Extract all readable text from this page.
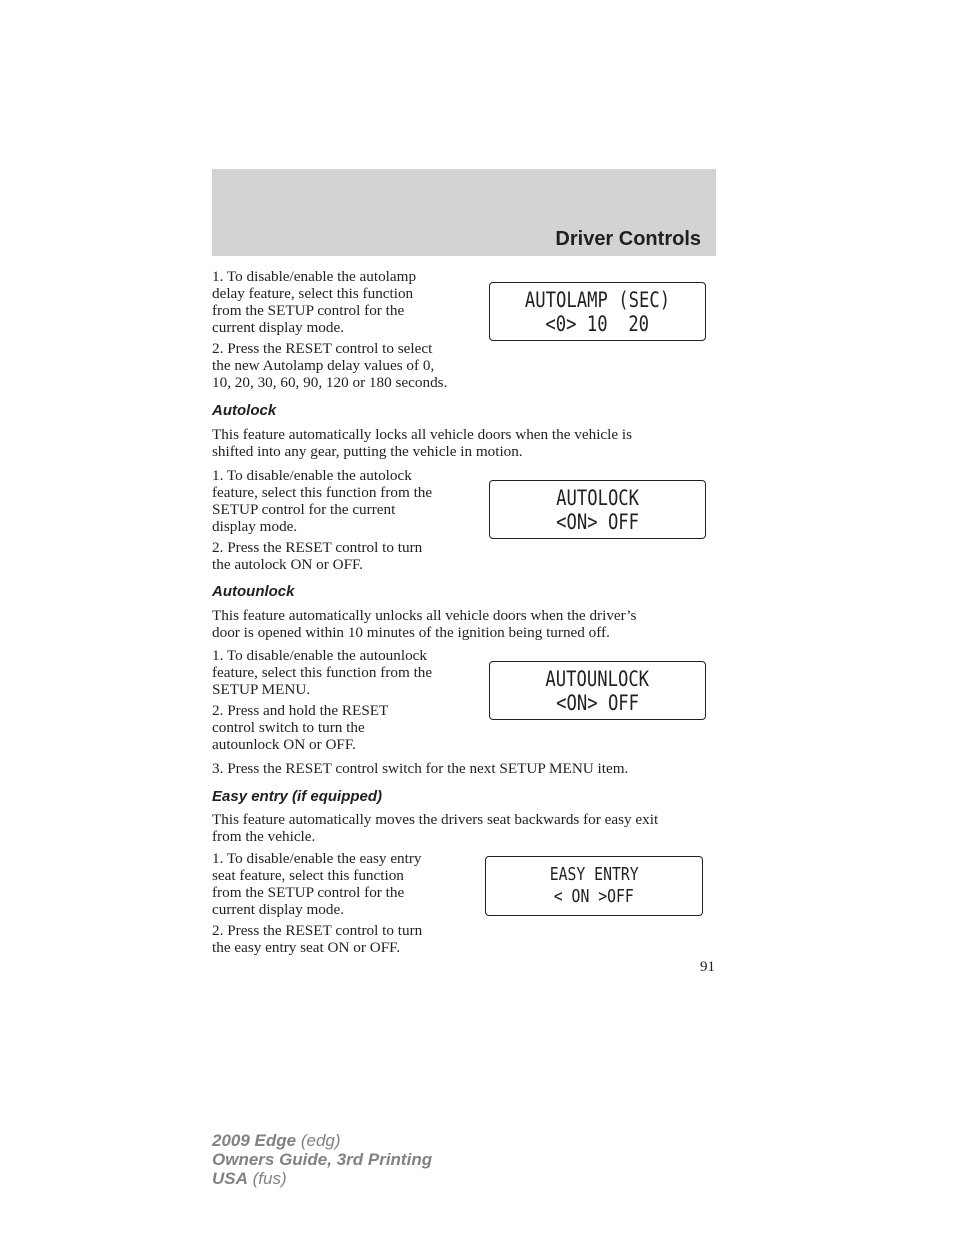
Driver Controls

1. To disable/enable the autolamp
delay feature, select this function
from the SETUP control for the
current display mode.

2. Press the RESET control to select
the new Autolamp delay values of 0,
10, 20, 30, 60, 90, 120 or 180 seconds.

AUTOLAMP (SEC)
<0> 10  20
Autolock

This feature automatically locks all vehicle doors when the vehicle is
shifted into any gear, putting the vehicle in motion.

1. To disable/enable the autolock
feature, select this function from the
SETUP control for the current
display mode.

2. Press the RESET control to turn
the autolock ON or OFF.

AUTOLOCK
<ON> OFF
Autounlock

This feature automatically unlocks all vehicle doors when the driver’s
door is opened within 10 minutes of the ignition being turned off.

1. To disable/enable the autounlock
feature, select this function from the
SETUP MENU.

2. Press and hold the RESET
control switch to turn the
autounlock ON or OFF.

3. Press the RESET control switch for the next SETUP MENU item.

AUTOUNLOCK
<ON> OFF
Easy entry (if equipped)

This feature automatically moves the drivers seat backwards for easy exit
from the vehicle.

1. To disable/enable the easy entry
seat feature, select this function
from the SETUP control for the
current display mode.

2. Press the RESET control to turn
the easy entry seat ON or OFF.

EASY ENTRY
< ON >OFF
91
2009 Edge (edg)
Owners Guide, 3rd Printing
USA (fus)
